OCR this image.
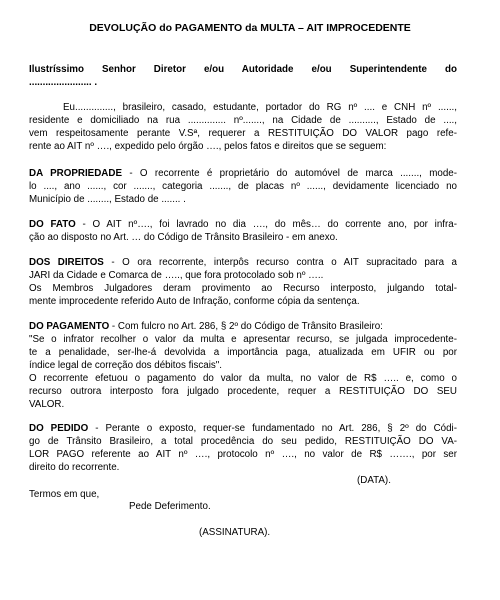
DEVOLUÇÃO do PAGAMENTO da MULTA – AIT IMPROCEDENTE
Ilustríssimo Senhor Diretor e/ou Autoridade e/ou Superintendente do
....................... .
Eu.............., brasileiro, casado, estudante, portador do RG nº .... e CNH nº ......,
residente e domiciliado na rua .............. nº......., na Cidade de .........., Estado de ....,
vem respeitosamente perante V.Sª, requerer a RESTITUIÇÃO DO VALOR pago refe-
rente ao AIT nº …., expedido pelo órgão …., pelos fatos e direitos que se seguem:
DA PROPRIEDADE - O recorrente é proprietário do automóvel de marca ......., mode-
lo ...., ano ......, cor ......., categoria ......., de placas nº ......, devidamente licenciado no
Município de ........, Estado de ....... .
DO FATO - O AIT nº…., foi lavrado no dia …., do mês… do corrente ano, por infra-
ção ao disposto no Art. … do Código de Trânsito Brasileiro - em anexo.
DOS DIREITOS - O ora recorrente, interpôs recurso contra o AIT supracitado para a
JARI da Cidade e Comarca de ….., que fora protocolado sob nº …..
Os Membros Julgadores deram provimento ao Recurso interposto, julgando total-
mente improcedente referido Auto de Infração, conforme cópia da sentença.
DO PAGAMENTO - Com fulcro no Art. 286, § 2º do Código de Trânsito Brasileiro:
"Se o infrator recolher o valor da multa e apresentar recurso, se julgada improcedente-
te a penalidade, ser-lhe-á devolvida a importância paga, atualizada em UFIR ou por
índice legal de correção dos débitos fiscais".
O recorrente efetuou o pagamento do valor da multa, no valor de R$ ….. e, como o
recurso outrora interposto fora julgado procedente, requer a RESTITUIÇÃO DO SEU
VALOR.
DO PEDIDO - Perante o exposto, requer-se fundamentado no Art. 286, § 2º do Códi-
go de Trânsito Brasileiro, a total procedência do seu pedido, RESTITUIÇÃO DO VA-
LOR PAGO referente ao AIT nº …., protocolo nº …., no valor de R$ ……., por ser
direito do recorrente.
(DATA).
Termos em que,
Pede Deferimento.
(ASSINATURA).
